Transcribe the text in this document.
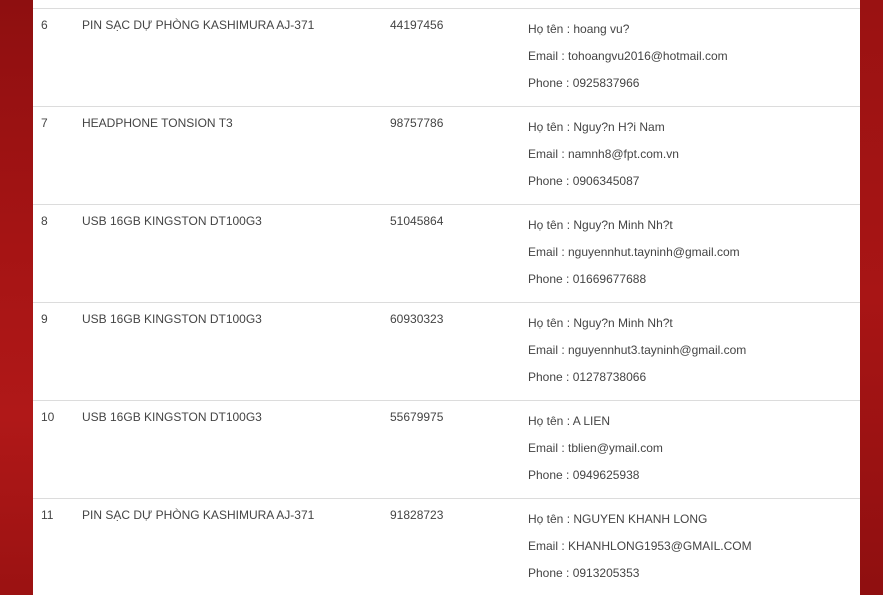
6	PIN SẠC DỰ PHÒNG KASHIMURA AJ-371	44197456	Họ tên : hoang vu?
Email : tohoangvu2016@hotmail.com
Phone : 0925837966
7	HEADPHONE TONSION T3	98757786	Họ tên : Nguy?n H?i Nam
Email : namnh8@fpt.com.vn
Phone : 0906345087
8	USB 16GB KINGSTON DT100G3	51045864	Họ tên : Nguy?n Minh Nh?t
Email : nguyennhut.tayninh@gmail.com
Phone : 01669677688
9	USB 16GB KINGSTON DT100G3	60930323	Họ tên : Nguy?n Minh Nh?t
Email : nguyennhut3.tayninh@gmail.com
Phone : 01278738066
10 USB 16GB KINGSTON DT100G3	55679975	Họ tên : A LIEN
Email : tblien@ymail.com
Phone : 0949625938
11 PIN SẠC DỰ PHÒNG KASHIMURA AJ-371	91828723	Họ tên : NGUYEN KHANH LONG
Email : KHANHLONG1953@GMAIL.COM
Phone : 0913205353
